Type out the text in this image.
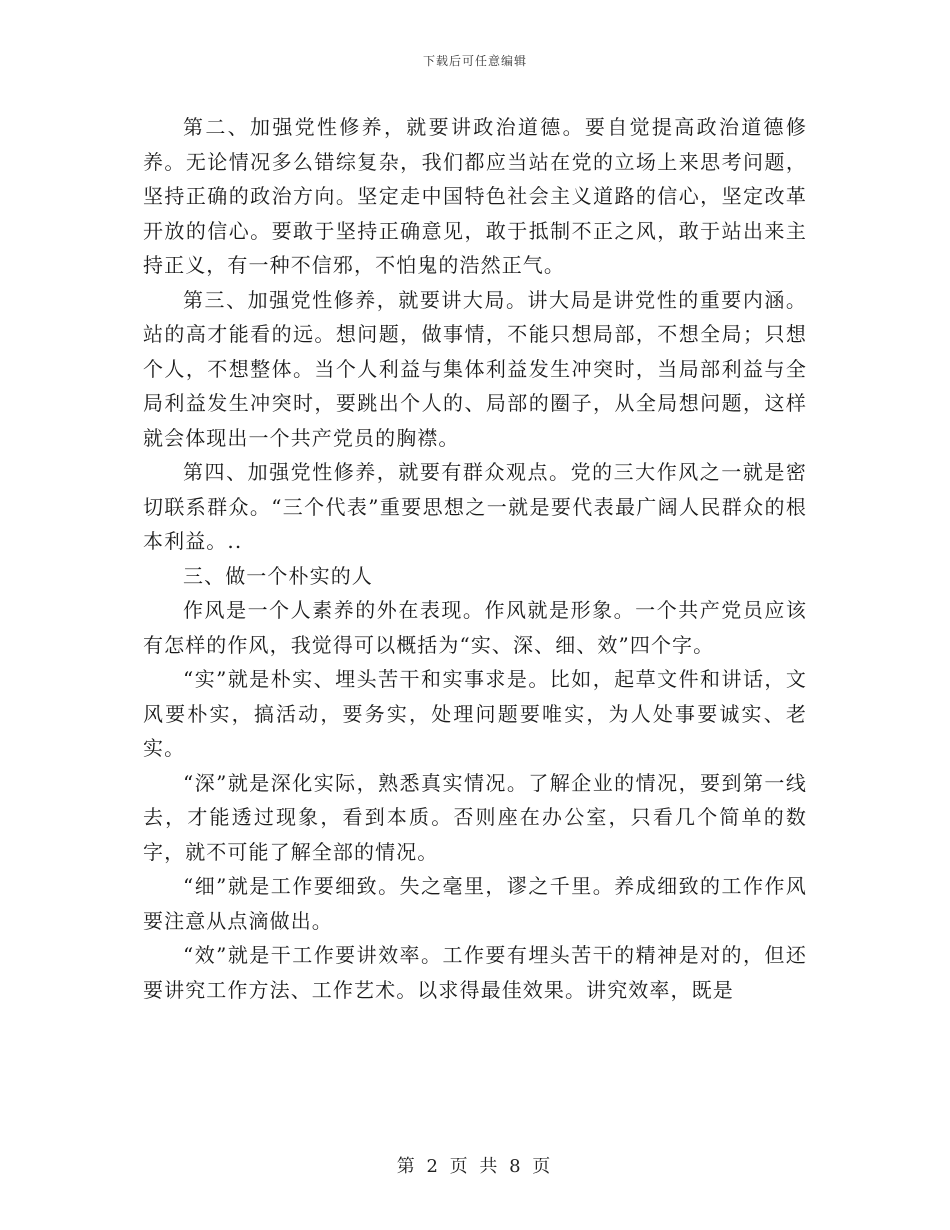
下载后可任意编辑

第二、加强党性修养，就要讲政治道德。要自觉提高政治道德修养。无论情况多么错综复杂，我们都应当站在党的立场上来思考问题，坚持正确的政治方向。坚定走中国特色社会主义道路的信心，坚定改革开放的信心。要敢于坚持正确意见，敢于抵制不正之风，敢于站出来主持正义，有一种不信邪，不怕鬼的浩然正气。

第三、加强党性修养，就要讲大局。讲大局是讲党性的重要内涵。站的高才能看的远。想问题，做事情，不能只想局部，不想全局；只想个人，不想整体。当个人利益与集体利益发生冲突时，当局部利益与全局利益发生冲突时，要跳出个人的、局部的圈子，从全局想问题，这样就会体现出一个共产党员的胸襟。

第四、加强党性修养，就要有群众观点。党的三大作风之一就是密切联系群众。“三个代表”重要思想之一就是要代表最广阔人民群众的根本利益。..

三、做一个朴实的人

作风是一个人素养的外在表现。作风就是形象。一个共产党员应该有怎样的作风，我觉得可以概括为“实、深、细、效”四个字。

“实”就是朴实、埋头苦干和实事求是。比如，起草文件和讲话，文风要朴实，搞活动，要务实，处理问题要唯实，为人处事要诚实、老实。

“深”就是深化实际，熟悉真实情况。了解企业的情况，要到第一线去，才能透过现象，看到本质。否则座在办公室，只看几个简单的数字，就不可能了解全部的情况。

“细”就是工作要细致。失之毫里，谬之千里。养成细致的工作作风要注意从点滴做出。

“效”就是干工作要讲效率。工作要有埋头苦干的精神是对的，但还要讲究工作方法、工作艺术。以求得最佳效果。讲究效率，既是

第 2 页 共 8 页
